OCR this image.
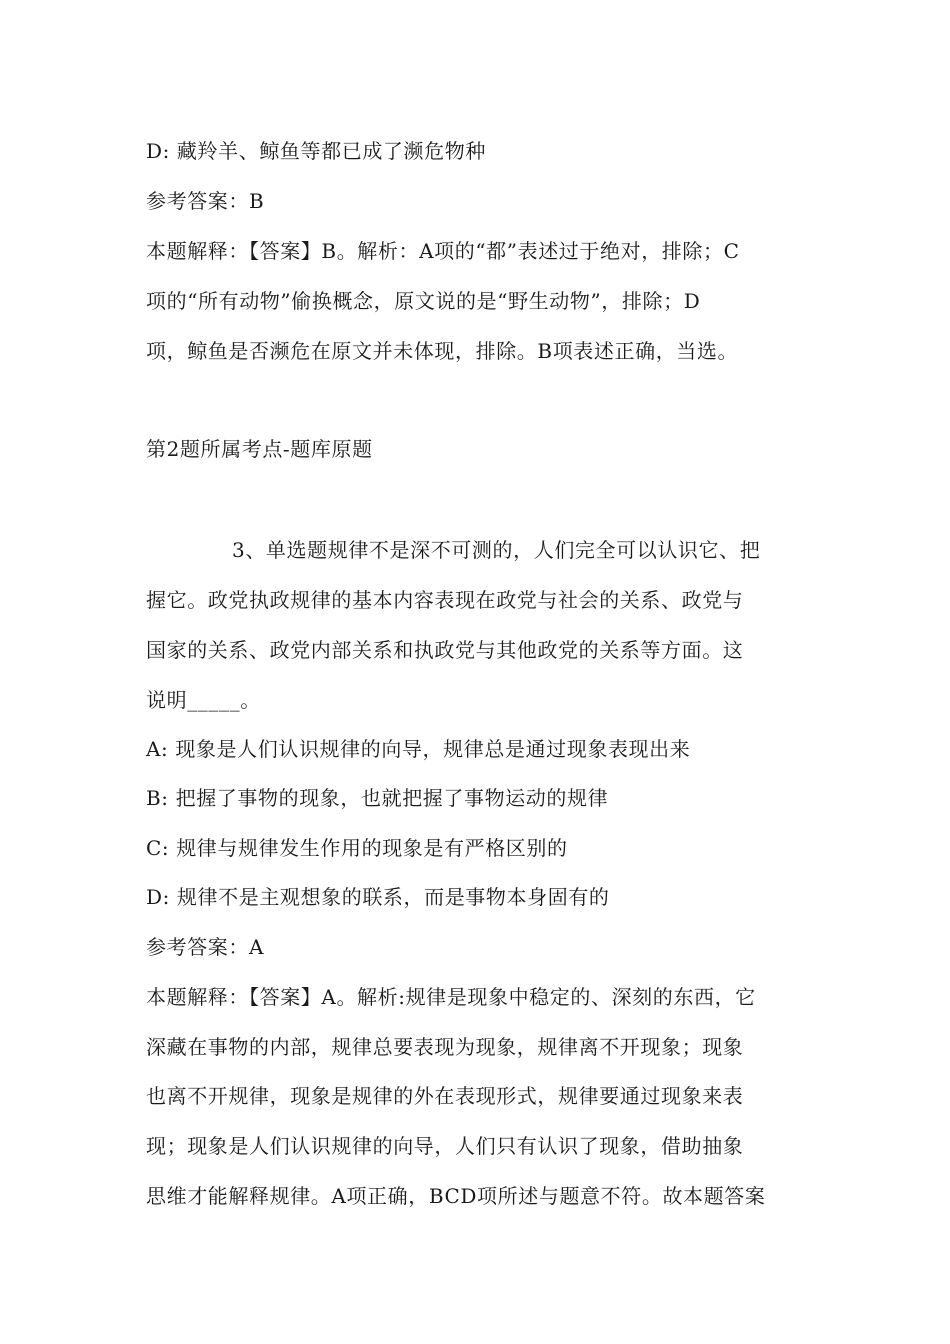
D: 藏羚羊、鲸鱼等都已成了濒危物种
参考答案：B
本题解释：【答案】B。解析：A项的“都”表述过于绝对，排除；C
项的“所有动物”偷换概念，原文说的是“野生动物”，排除；D
项，鲸鱼是否濒危在原文并未体现，排除。B项表述正确，当选。
第2题所属考点-题库原题
3、单选题规律不是深不可测的，人们完全可以认识它、把
握它。政党执政规律的基本内容表现在政党与社会的关系、政党与
国家的关系、政党内部关系和执政党与其他政党的关系等方面。这
说明_____。
A: 现象是人们认识规律的向导，规律总是通过现象表现出来
B: 把握了事物的现象，也就把握了事物运动的规律
C: 规律与规律发生作用的现象是有严格区别的
D: 规律不是主观想象的联系，而是事物本身固有的
参考答案：A
本题解释：【答案】A。解析:规律是现象中稳定的、深刻的东西，它
深藏在事物的内部，规律总要表现为现象，规律离不开现象；现象
也离不开规律，现象是规律的外在表现形式，规律要通过现象来表
现；现象是人们认识规律的向导，人们只有认识了现象，借助抽象
思维才能解释规律。A项正确，BCD项所述与题意不符。故本题答案
